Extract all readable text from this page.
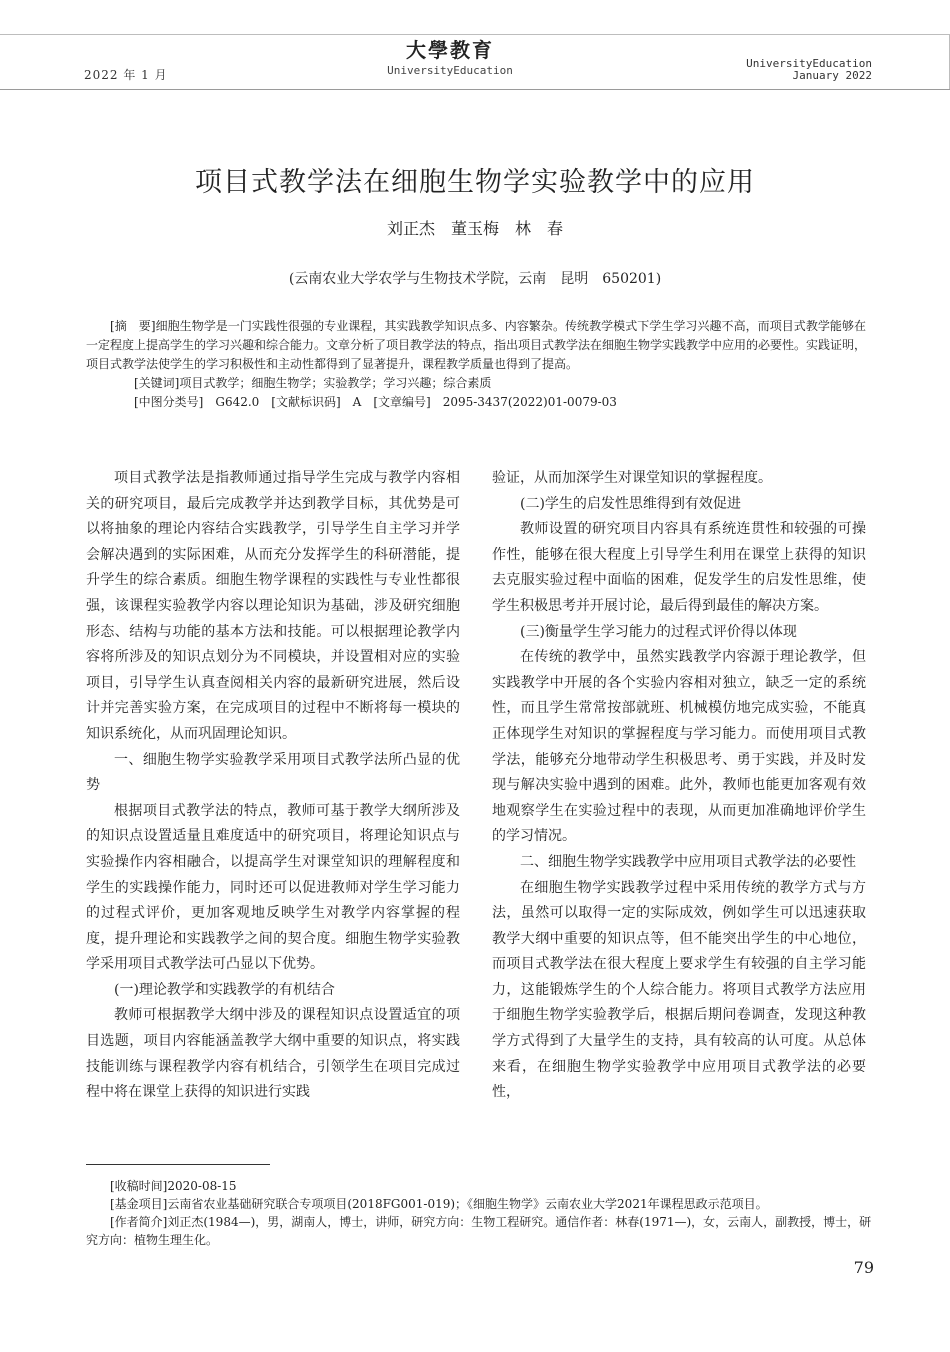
2022 年 1 月
大學教育
UniversityEducation
UniversityEducation
January 2022
项目式教学法在细胞生物学实验教学中的应用
刘正杰　董玉梅　林　春
(云南农业大学农学与生物技术学院，云南　昆明　650201)

[摘　要]细胞生物学是一门实践性很强的专业课程，其实践教学知识点多、内容繁杂。传统教学模式下学生学习兴趣不高，而项目式教学能够在一定程度上提高学生的学习兴趣和综合能力。文章分析了项目教学法的特点，指出项目式教学法在细胞生物学实践教学中应用的必要性。实践证明，项目式教学法使学生的学习积极性和主动性都得到了显著提升，课程教学质量也得到了提高。

[关键词]项目式教学；细胞生物学；实验教学；学习兴趣；综合素质

[中图分类号]　G642.0　[文献标识码]　A　[文章编号]　2095-3437(2022)01-0079-03

项目式教学法是指教师通过指导学生完成与教学内容相关的研究项目，最后完成教学并达到教学目标，其优势是可以将抽象的理论内容结合实践教学，引导学生自主学习并学会解决遇到的实际困难，从而充分发挥学生的科研潜能，提升学生的综合素质。细胞生物学课程的实践性与专业性都很强，该课程实验教学内容以理论知识为基础，涉及研究细胞形态、结构与功能的基本方法和技能。可以根据理论教学内容将所涉及的知识点划分为不同模块，并设置相对应的实验项目，引导学生认真查阅相关内容的最新研究进展，然后设计并完善实验方案，在完成项目的过程中不断将每一模块的知识系统化，从而巩固理论知识。

一、细胞生物学实验教学采用项目式教学法所凸显的优势

根据项目式教学法的特点，教师可基于教学大纲所涉及的知识点设置适量且难度适中的研究项目，将理论知识点与实验操作内容相融合，以提高学生对课堂知识的理解程度和学生的实践操作能力，同时还可以促进教师对学生学习能力的过程式评价，更加客观地反映学生对教学内容掌握的程度，提升理论和实践教学之间的契合度。细胞生物学实验教学采用项目式教学法可凸显以下优势。

(一)理论教学和实践教学的有机结合

教师可根据教学大纲中涉及的课程知识点设置适宜的项目选题，项目内容能涵盖教学大纲中重要的知识点，将实践技能训练与课程教学内容有机结合，引领学生在项目完成过程中将在课堂上获得的知识进行实践

验证，从而加深学生对课堂知识的掌握程度。

(二)学生的启发性思维得到有效促进

教师设置的研究项目内容具有系统连贯性和较强的可操作性，能够在很大程度上引导学生利用在课堂上获得的知识去克服实验过程中面临的困难，促发学生的启发性思维，使学生积极思考并开展讨论，最后得到最佳的解决方案。

(三)衡量学生学习能力的过程式评价得以体现

在传统的教学中，虽然实践教学内容源于理论教学，但实践教学中开展的各个实验内容相对独立，缺乏一定的系统性，而且学生常常按部就班、机械模仿地完成实验，不能真正体现学生对知识的掌握程度与学习能力。而使用项目式教学法，能够充分地带动学生积极思考、勇于实践，并及时发现与解决实验中遇到的困难。此外，教师也能更加客观有效地观察学生在实验过程中的表现，从而更加准确地评价学生的学习情况。

二、细胞生物学实践教学中应用项目式教学法的必要性

在细胞生物学实践教学过程中采用传统的教学方式与方法，虽然可以取得一定的实际成效，例如学生可以迅速获取教学大纲中重要的知识点等，但不能突出学生的中心地位，而项目式教学法在很大程度上要求学生有较强的自主学习能力，这能锻炼学生的个人综合能力。将项目式教学方法应用于细胞生物学实验教学后，根据后期问卷调查，发现这种教学方式得到了大量学生的支持，具有较高的认可度。从总体来看，在细胞生物学实验教学中应用项目式教学法的必要性，

[收稿时间]2020-08-15

[基金项目]云南省农业基础研究联合专项项目(2018FG001-019)；《细胞生物学》云南农业大学2021年课程思政示范项目。

[作者简介]刘正杰(1984—)，男，湖南人，博士，讲师，研究方向：生物工程研究。通信作者：林春(1971—)，女，云南人，副教授，博士，研究方向：植物生理生化。

79
